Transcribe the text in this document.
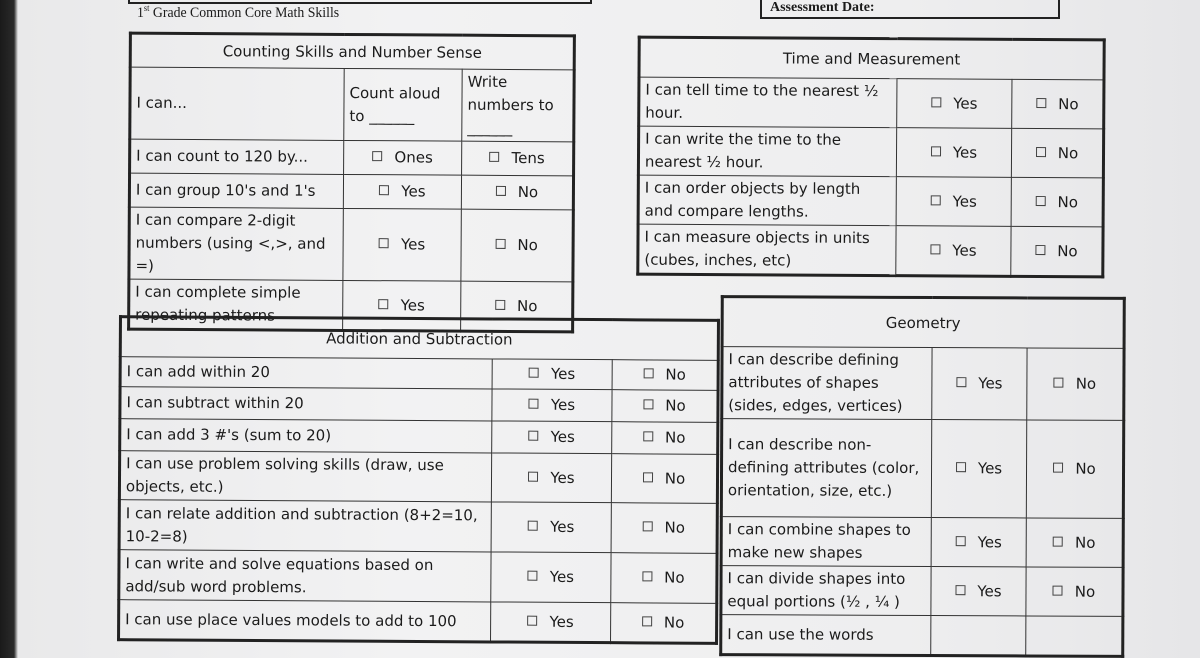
Assessment Date:
1st Grade Common Core Math Skills
Counting Skills and Number Sense		
I can...	Count aloud to ______	Write numbers to ______
I can count to 120 by...	Ones	Tens
I can group 10's and 1's	Yes	No
I can compare 2-digit numbers (using <,>, and =)	Yes	No
I can complete simple repeating patterns	Yes	No
Time and Measurement		
I can tell time to the nearest ½ hour.	Yes	No
I can write the time to the nearest ½ hour.	Yes	No
I can order objects by length and compare lengths.	Yes	No
I can measure objects in units (cubes, inches, etc)	Yes	No
Addition and Subtraction		
I can add within 20	Yes	No
I can subtract within 20	Yes	No
I can add 3 #'s (sum to 20)	Yes	No
I can use problem solving skills (draw, use objects, etc.)	Yes	No
I can relate addition and subtraction (8+2=10, 10-2=8)	Yes	No
I can write and solve equations based on add/sub word problems.	Yes	No
I can use place values models to add to 100	Yes	No
Geometry		
I can describe defining attributes of shapes (sides, edges, vertices)	Yes	No
I can describe non-defining attributes (color, orientation, size, etc.)	Yes	No
I can combine shapes to make new shapes	Yes	No
I can divide shapes into equal portions (½ , ¼ )	Yes	No
I can use the words		
